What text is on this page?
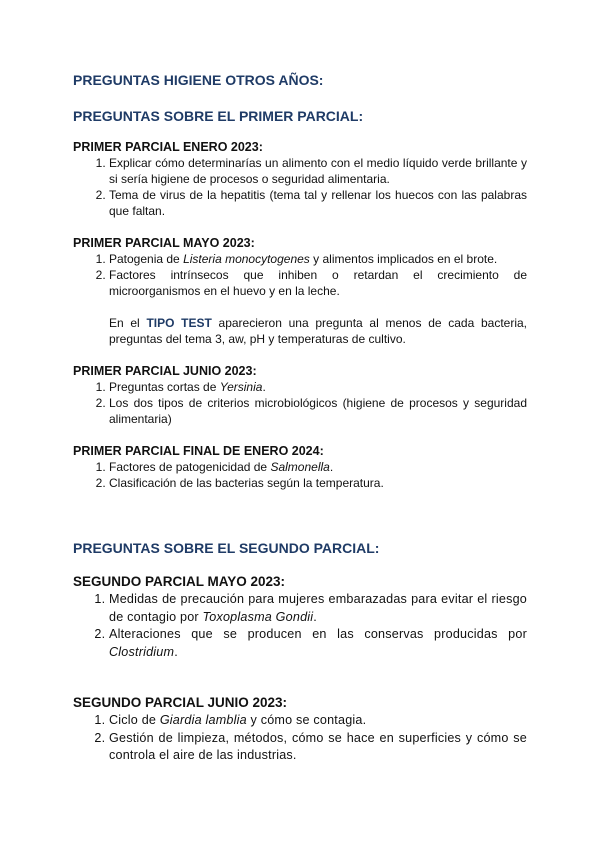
PREGUNTAS HIGIENE OTROS AÑOS:
PREGUNTAS SOBRE EL PRIMER PARCIAL:
PRIMER PARCIAL ENERO 2023:
1. Explicar cómo determinarías un alimento con el medio líquido verde brillante y si sería higiene de procesos o seguridad alimentaria.
2. Tema de virus de la hepatitis (tema tal y rellenar los huecos con las palabras que faltan.
PRIMER PARCIAL MAYO 2023:
1. Patogenia de Listeria monocytogenes y alimentos implicados en el brote.
2. Factores intrínsecos que inhiben o retardan el crecimiento de microorganismos en el huevo y en la leche.
En el TIPO TEST aparecieron una pregunta al menos de cada bacteria, preguntas del tema 3, aw, pH y temperaturas de cultivo.
PRIMER PARCIAL JUNIO 2023:
1. Preguntas cortas de Yersinia.
2. Los dos tipos de criterios microbiológicos (higiene de procesos y seguridad alimentaria)
PRIMER PARCIAL FINAL DE ENERO 2024:
1. Factores de patogenicidad de Salmonella.
2. Clasificación de las bacterias según la temperatura.
PREGUNTAS SOBRE EL SEGUNDO PARCIAL:
SEGUNDO PARCIAL MAYO 2023:
1. Medidas de precaución para mujeres embarazadas para evitar el riesgo de contagio por Toxoplasma Gondii.
2. Alteraciones que se producen en las conservas producidas por Clostridium.
SEGUNDO PARCIAL JUNIO 2023:
1. Ciclo de Giardia lamblia y cómo se contagia.
2. Gestión de limpieza, métodos, cómo se hace en superficies y cómo se controla el aire de las industrias.
